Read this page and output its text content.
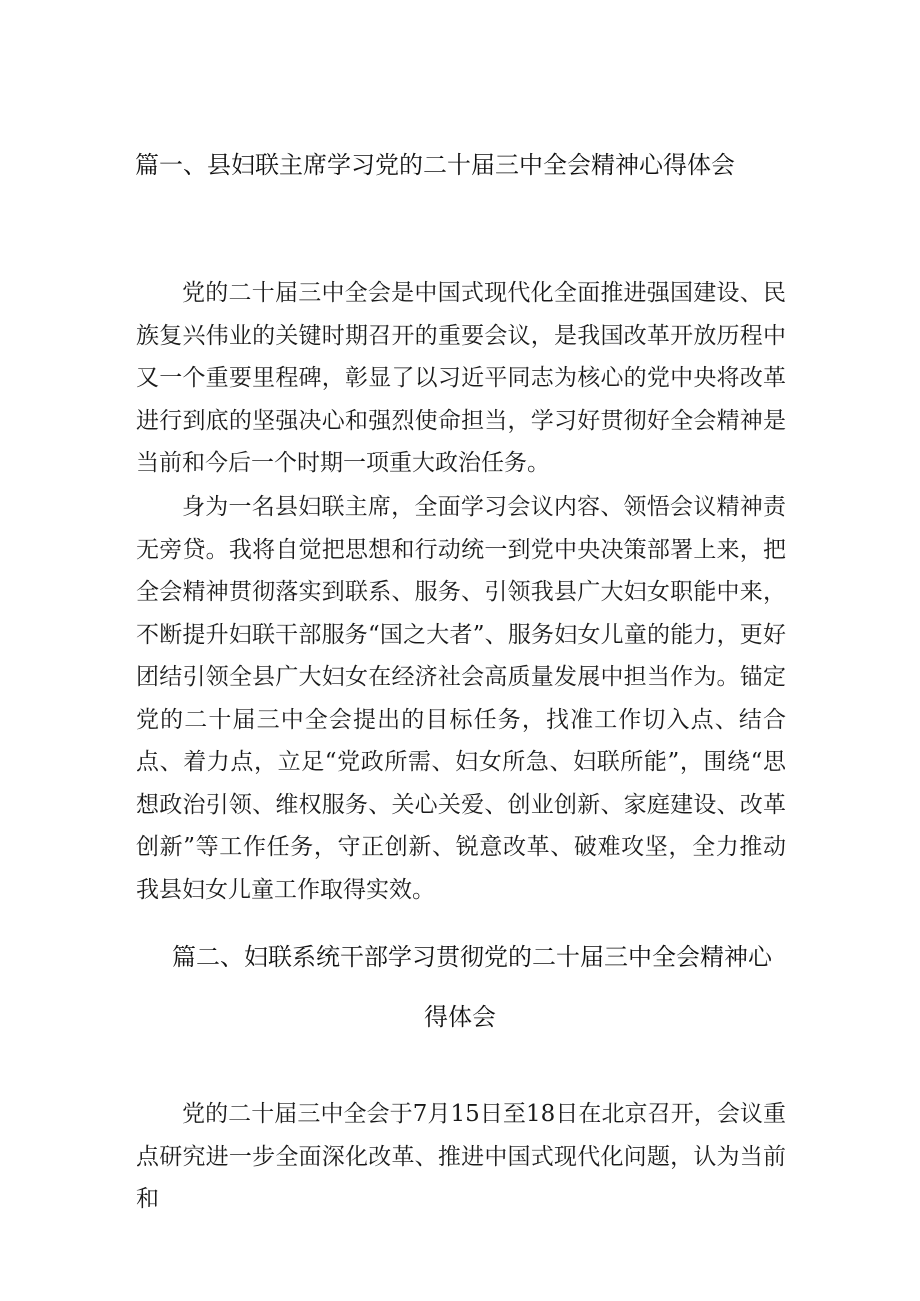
篇一、县妇联主席学习党的二十届三中全会精神心得体会

党的二十届三中全会是中国式现代化全面推进强国建设、民族复兴伟业的关键时期召开的重要会议，是我国改革开放历程中又一个重要里程碑，彰显了以习近平同志为核心的党中央将改革进行到底的坚强决心和强烈使命担当，学习好贯彻好全会精神是当前和今后一个时期一项重大政治任务。

身为一名县妇联主席，全面学习会议内容、领悟会议精神责无旁贷。我将自觉把思想和行动统一到党中央决策部署上来，把全会精神贯彻落实到联系、服务、引领我县广大妇女职能中来，不断提升妇联干部服务“国之大者”、服务妇女儿童的能力，更好团结引领全县广大妇女在经济社会高质量发展中担当作为。锚定党的二十届三中全会提出的目标任务，找准工作切入点、结合点、着力点，立足“党政所需、妇女所急、妇联所能”，围绕“思想政治引领、维权服务、关心关爱、创业创新、家庭建设、改革创新”等工作任务，守正创新、锐意改革、破难攻坚，全力推动我县妇女儿童工作取得实效。

篇二、妇联系统干部学习贯彻党的二十届三中全会精神心
得体会

党的二十届三中全会于7月15日至18日在北京召开，会议重点研究进一步全面深化改革、推进中国式现代化问题，认为当前和
